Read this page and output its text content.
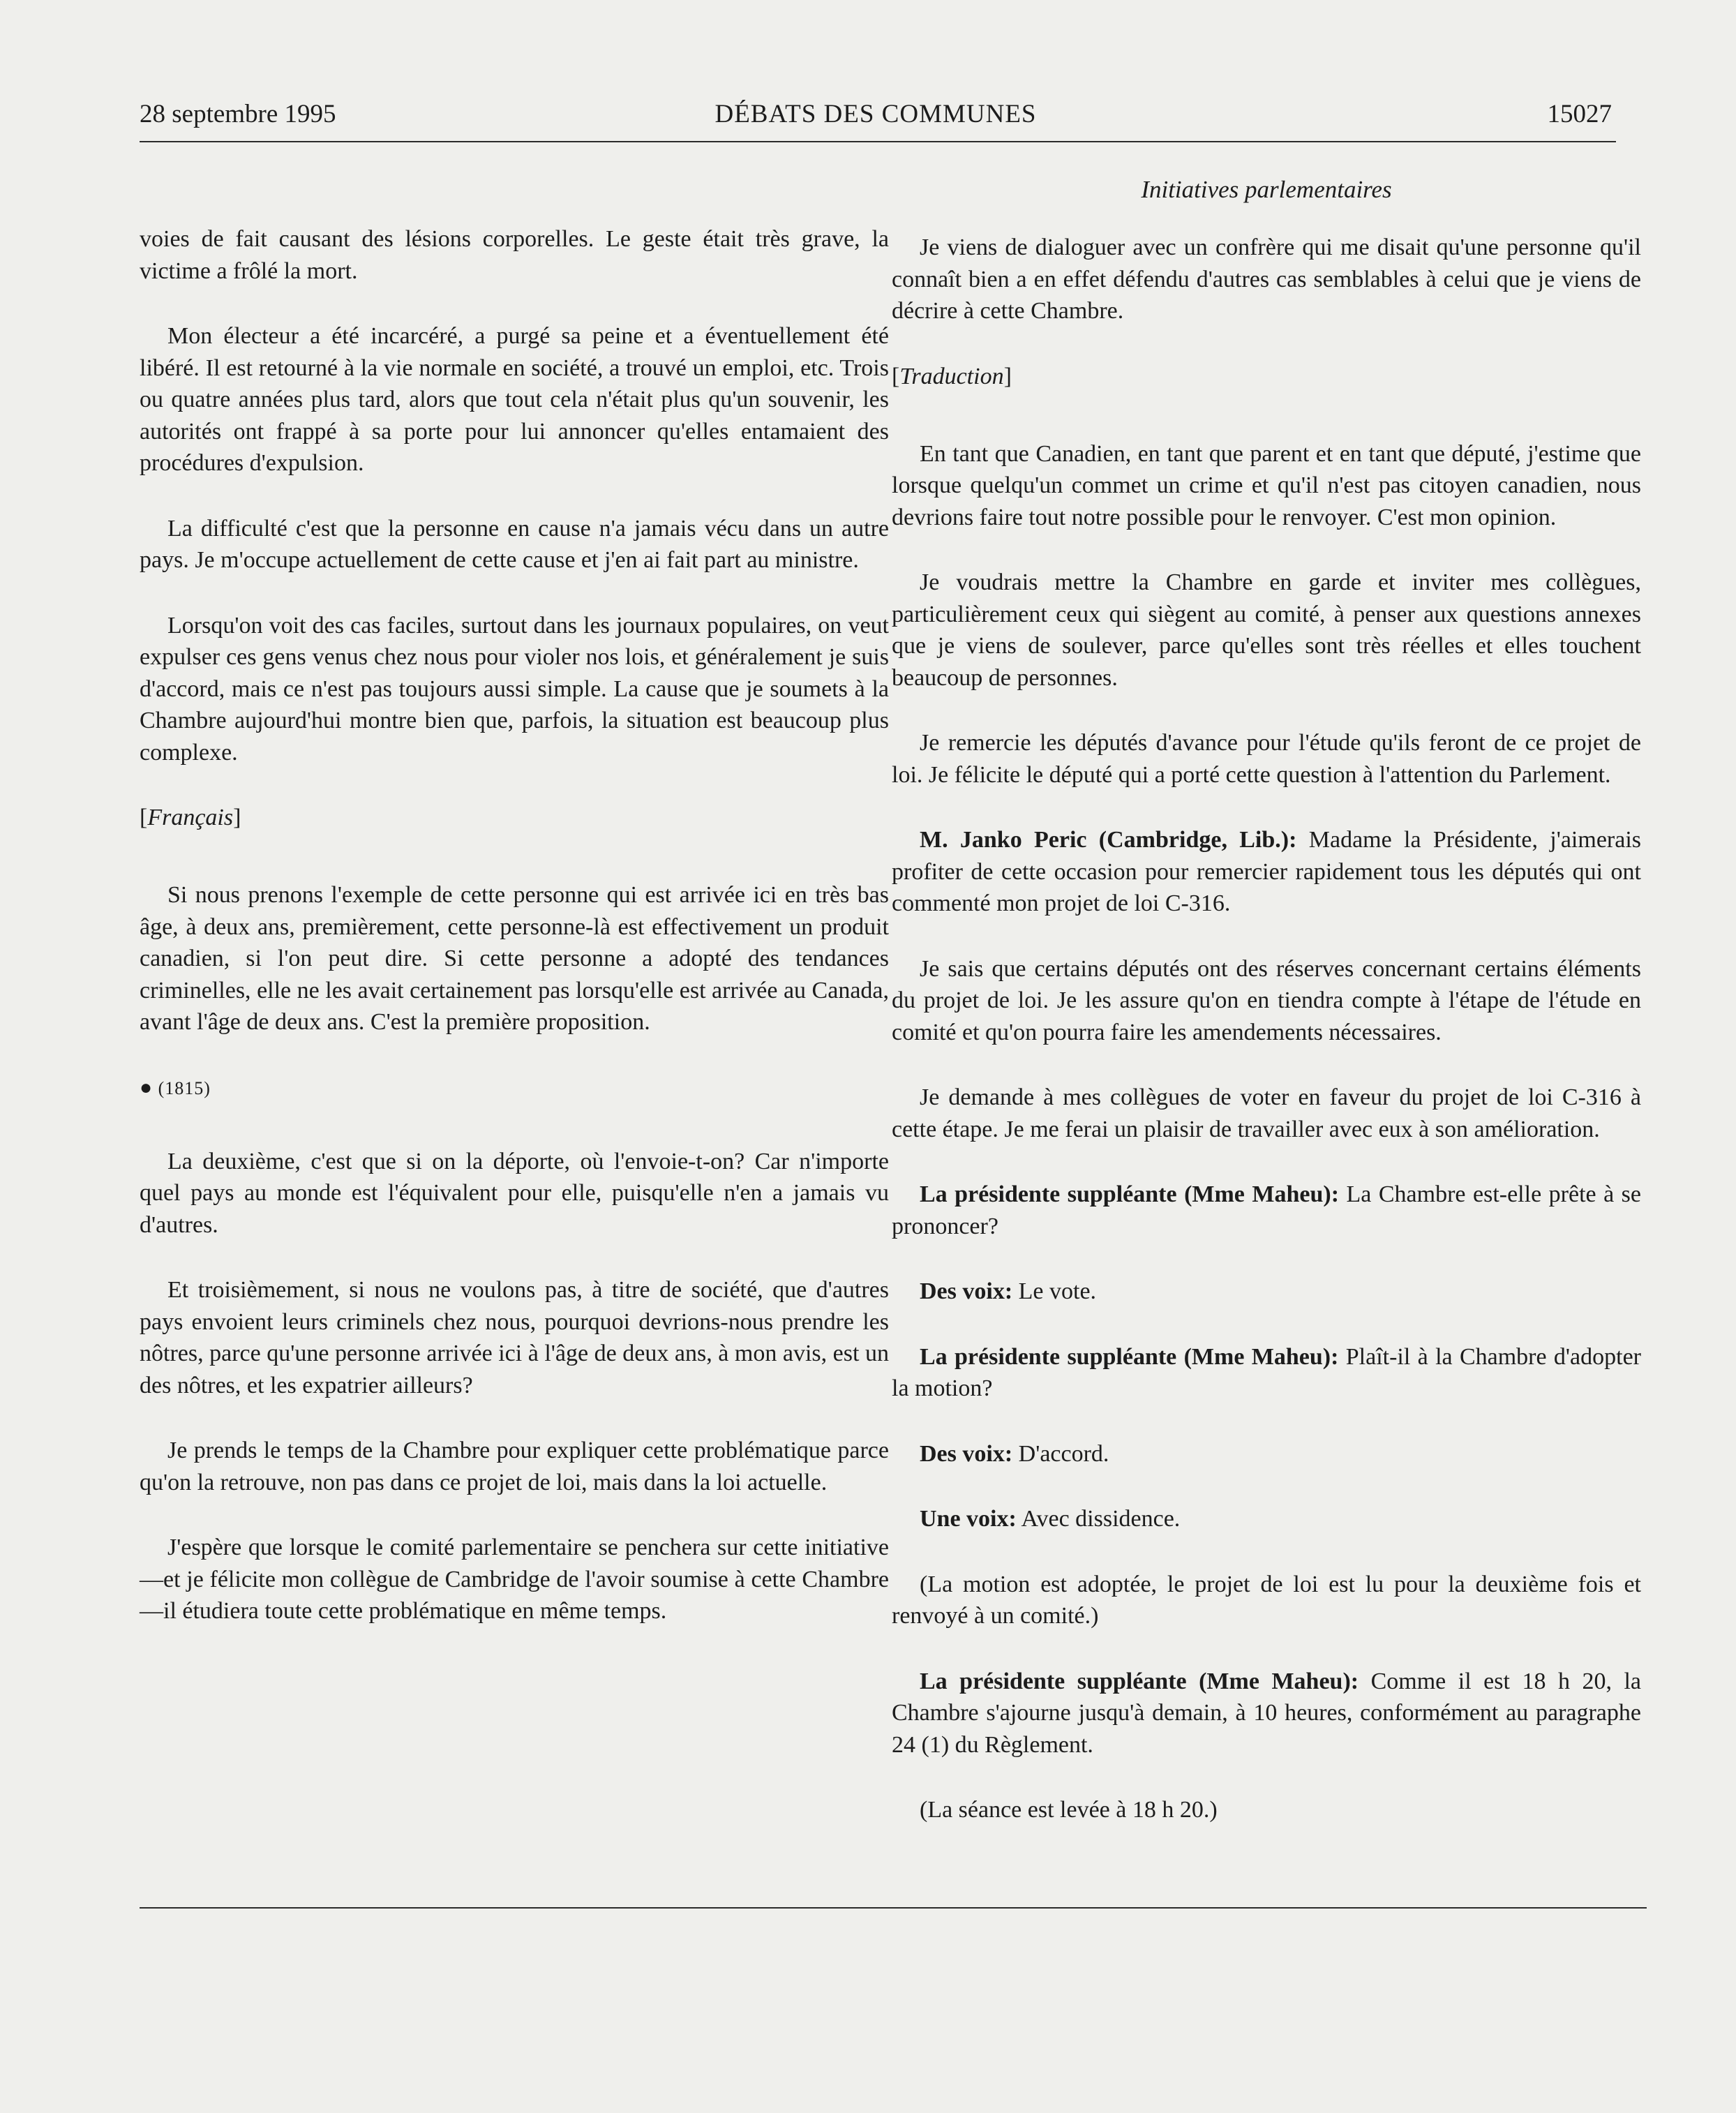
DÉBATS DES COMMUNES
28 septembre 1995	15027

voies de fait causant des lésions corporelles. Le geste était très grave, la victime a frôlé la mort.

Mon électeur a été incarcéré, a purgé sa peine et a éventuellement été libéré. Il est retourné à la vie normale en société, a trouvé un emploi, etc. Trois ou quatre années plus tard, alors que tout cela n'était plus qu'un souvenir, les autorités ont frappé à sa porte pour lui annoncer qu'elles entamaient des procédures d'expulsion.

La difficulté c'est que la personne en cause n'a jamais vécu dans un autre pays. Je m'occupe actuellement de cette cause et j'en ai fait part au ministre.

Lorsqu'on voit des cas faciles, surtout dans les journaux populaires, on veut expulser ces gens venus chez nous pour violer nos lois, et généralement je suis d'accord, mais ce n'est pas toujours aussi simple. La cause que je soumets à la Chambre aujourd'hui montre bien que, parfois, la situation est beaucoup plus complexe.

[Français]

Si nous prenons l'exemple de cette personne qui est arrivée ici en très bas âge, à deux ans, premièrement, cette personne-là est effectivement un produit canadien, si l'on peut dire. Si cette personne a adopté des tendances criminelles, elle ne les avait certainement pas lorsqu'elle est arrivée au Canada, avant l'âge de deux ans. C'est la première proposition.

● (1815)

La deuxième, c'est que si on la déporte, où l'envoie-t-on? Car n'importe quel pays au monde est l'équivalent pour elle, puisqu'elle n'en a jamais vu d'autres.

Et troisièmement, si nous ne voulons pas, à titre de société, que d'autres pays envoient leurs criminels chez nous, pourquoi devrions-nous prendre les nôtres, parce qu'une personne arrivée ici à l'âge de deux ans, à mon avis, est un des nôtres, et les expatrier ailleurs?

Je prends le temps de la Chambre pour expliquer cette problématique parce qu'on la retrouve, non pas dans ce projet de loi, mais dans la loi actuelle.

J'espère que lorsque le comité parlementaire se penchera sur cette initiative—et je félicite mon collègue de Cambridge de l'avoir soumise à cette Chambre—il étudiera toute cette problématique en même temps.

Initiatives parlementaires

Je viens de dialoguer avec un confrère qui me disait qu'une personne qu'il connaît bien a en effet défendu d'autres cas semblables à celui que je viens de décrire à cette Chambre.

[Traduction]

En tant que Canadien, en tant que parent et en tant que député, j'estime que lorsque quelqu'un commet un crime et qu'il n'est pas citoyen canadien, nous devrions faire tout notre possible pour le renvoyer. C'est mon opinion.

Je voudrais mettre la Chambre en garde et inviter mes collègues, particulièrement ceux qui siègent au comité, à penser aux questions annexes que je viens de soulever, parce qu'elles sont très réelles et elles touchent beaucoup de personnes.

Je remercie les députés d'avance pour l'étude qu'ils feront de ce projet de loi. Je félicite le député qui a porté cette question à l'attention du Parlement.

M. Janko Peric (Cambridge, Lib.): Madame la Présidente, j'aimerais profiter de cette occasion pour remercier rapidement tous les députés qui ont commenté mon projet de loi C-316.

Je sais que certains députés ont des réserves concernant certains éléments du projet de loi. Je les assure qu'on en tiendra compte à l'étape de l'étude en comité et qu'on pourra faire les amendements nécessaires.

Je demande à mes collègues de voter en faveur du projet de loi C-316 à cette étape. Je me ferai un plaisir de travailler avec eux à son amélioration.

La présidente suppléante (Mme Maheu): La Chambre est-elle prête à se prononcer?

Des voix: Le vote.

La présidente suppléante (Mme Maheu): Plaît-il à la Chambre d'adopter la motion?

Des voix: D'accord.

Une voix: Avec dissidence.

(La motion est adoptée, le projet de loi est lu pour la deuxième fois et renvoyé à un comité.)

La présidente suppléante (Mme Maheu): Comme il est 18 h 20, la Chambre s'ajourne jusqu'à demain, à 10 heures, conformément au paragraphe 24 (1) du Règlement.

(La séance est levée à 18 h 20.)
